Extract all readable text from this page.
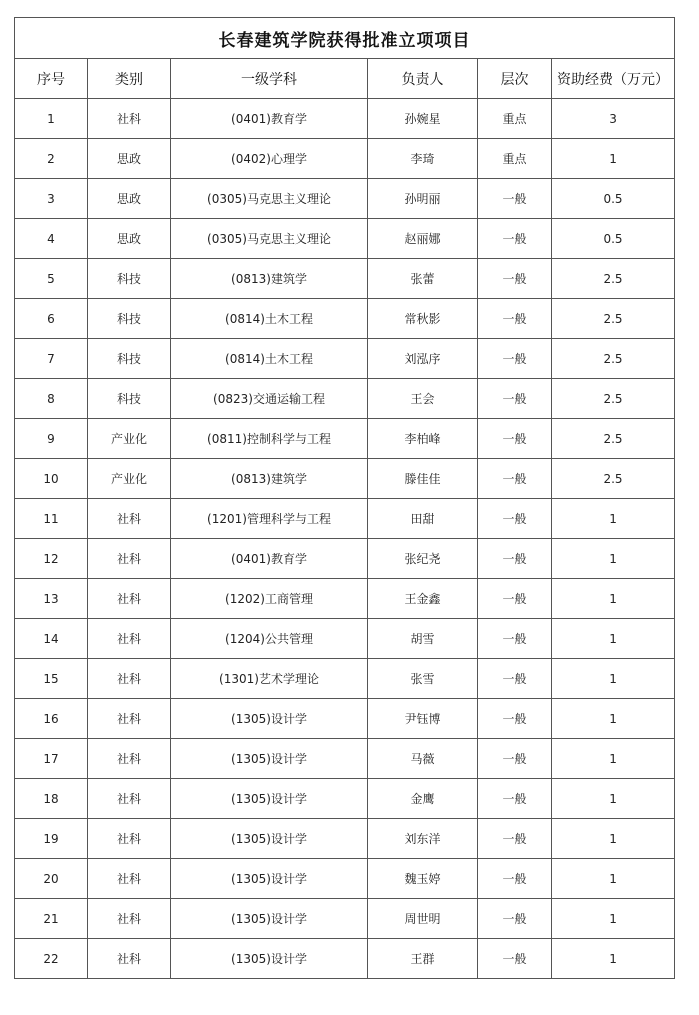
长春建筑学院获得批准立项项目					
序号	类别	一级学科	负责人	层次	资助经费（万元）
1	社科	(0401)教育学	孙婉星	重点	3
2	思政	(0402)心理学	李琦	重点	1
3	思政	(0305)马克思主义理论	孙明丽	一般	0.5
4	思政	(0305)马克思主义理论	赵丽娜	一般	0.5
5	科技	(0813)建筑学	张蕾	一般	2.5
6	科技	(0814)土木工程	常秋影	一般	2.5
7	科技	(0814)土木工程	刘泓序	一般	2.5
8	科技	(0823)交通运输工程	王会	一般	2.5
9	产业化	(0811)控制科学与工程	李柏峰	一般	2.5
10	产业化	(0813)建筑学	滕佳佳	一般	2.5
11	社科	(1201)管理科学与工程	田甜	一般	1
12	社科	(0401)教育学	张纪尧	一般	1
13	社科	(1202)工商管理	王金鑫	一般	1
14	社科	(1204)公共管理	胡雪	一般	1
15	社科	(1301)艺术学理论	张雪	一般	1
16	社科	(1305)设计学	尹钰博	一般	1
17	社科	(1305)设计学	马薇	一般	1
18	社科	(1305)设计学	金鹰	一般	1
19	社科	(1305)设计学	刘东洋	一般	1
20	社科	(1305)设计学	魏玉婷	一般	1
21	社科	(1305)设计学	周世明	一般	1
22	社科	(1305)设计学	王群	一般	1
